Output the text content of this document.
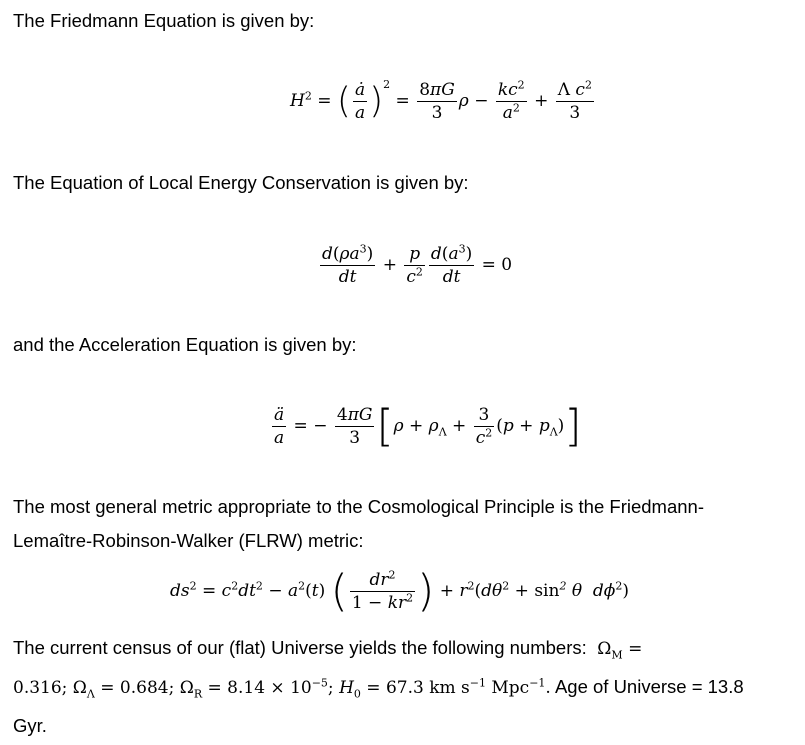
The Friedmann Equation is given by:
$H^2$ = ( $\frac{ȧ}{a} )^2 = \frac{8\pi G}{3}$ $\rho - \frac{kc^2}{a^2} + \frac{\Lambda c^2}{3}$
The Equation of Local Energy Conservation is given by:
$\frac{d(\rho a^3)}{dt} + \frac{p}{c^2} \frac{d(a^3)}{dt} = 0$
and the Acceleration Equation is given by:
$\frac{ä}{a}$ = − $\frac{4\pi G}{3} [\rho + \rho_\Lambda + \frac{3}{c^2} (p + p_\Lambda)]$
The most general metric appropriate to the Cosmological Principle is the Friedmann-
Lemaître-Robinson-Walker (FLRW) metric:
$ds^2 = c^2dt^2 - a^2(t)$ ( $\frac{dr^2}{1 - kr^2}$ ) + $r^2(d\theta^2 + \sin^2 \theta$  $d\phi^2$)
The current census of our (flat) Universe yields the following numbers:  $\Omega_M$ =
0.316; $\Omega_\Lambda = 0.684$; $\Omega_R = 8.14 \times 10^{-5}$; $H_0 = 67.3$ km $s^{-1}$ Mpc$^{-1}$. Age of Universe = 13.8
Gyr.
